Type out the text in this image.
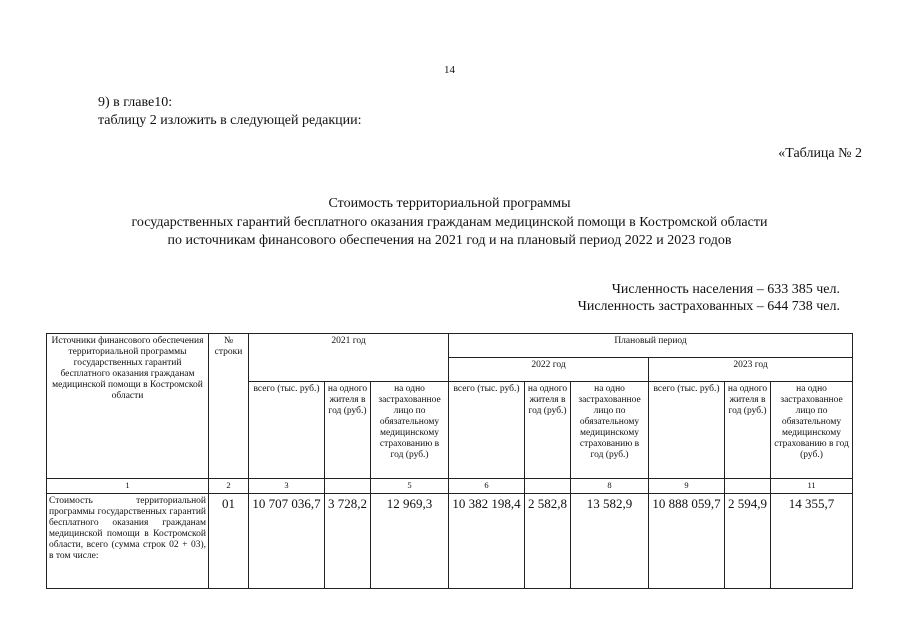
14
9) в главе10:
таблицу 2 изложить в следующей редакции:
«Таблица № 2
Стоимость территориальной программы
государственных гарантий бесплатного оказания гражданам медицинской помощи в Костромской области
по источникам финансового обеспечения на 2021 год и на плановый период 2022 и 2023 годов
Численность населения – 633 385 чел.
Численность застрахованных – 644 738 чел.
Источники финансового обеспечения территориальной программы государственных гарантий бесплатного оказания гражданам медицинской помощи в Костромской области	№ строки	2021 год			Плановый период					
					2022 год			2023 год		
		всего (тыс. руб.)	на одного жителя в год (руб.)	на одно застрахованное лицо по обязательному медицинскому страхованию в год (руб.)	всего (тыс. руб.)	на одного жителя в год (руб.)	на одно застрахованное лицо по обязательному медицинскому страхованию в год (руб.)	всего (тыс. руб.)	на одного жителя в год (руб.)	на одно застрахованное лицо по обязательному медицинскому страхованию в год (руб.)
1	2	3		5	6		8	9		11
Стоимость территориальной программы государственных гарантий бесплатного оказания гражданам медицинской помощи в Костромской области, всего (сумма строк 02 + 03), в том числе:	01	10 707 036,7	3 728,2	12 969,3	10 382 198,4	2 582,8	13 582,9	10 888 059,7	2 594,9	14 355,7
